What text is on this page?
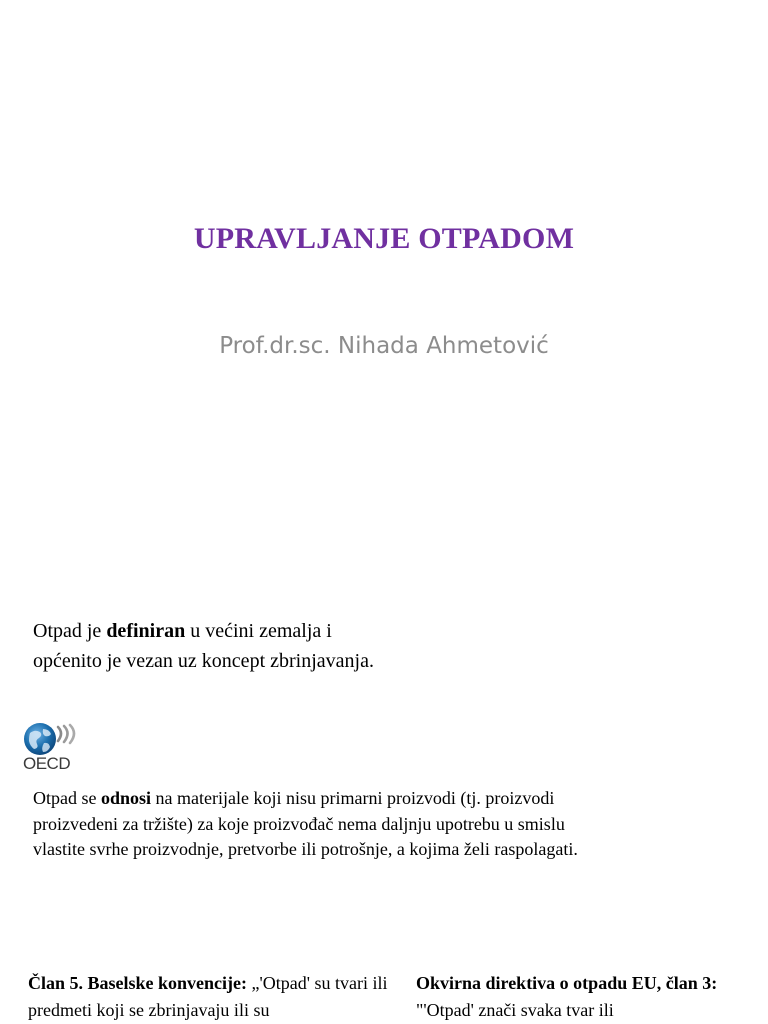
UPRAVLJANJE OTPADOM
Prof.dr.sc. Nihada Ahmetović
Otpad je definiran u većini zemalja i
općenito je vezan uz koncept zbrinjavanja.
OECD
Otpad se odnosi na materijale koji nisu primarni proizvodi (tj. proizvodi proizvedeni za tržište) za koje proizvođač nema daljnju upotrebu u smislu vlastite svrhe proizvodnje, pretvorbe ili potrošnje, a kojima želi raspolagati.
Član 5. Baselske konvencije: „'Otpad' su tvari ili predmeti koji se zbrinjavaju ili su
Okvirna direktiva o otpadu EU, član 3: "'Otpad' znači svaka tvar ili
